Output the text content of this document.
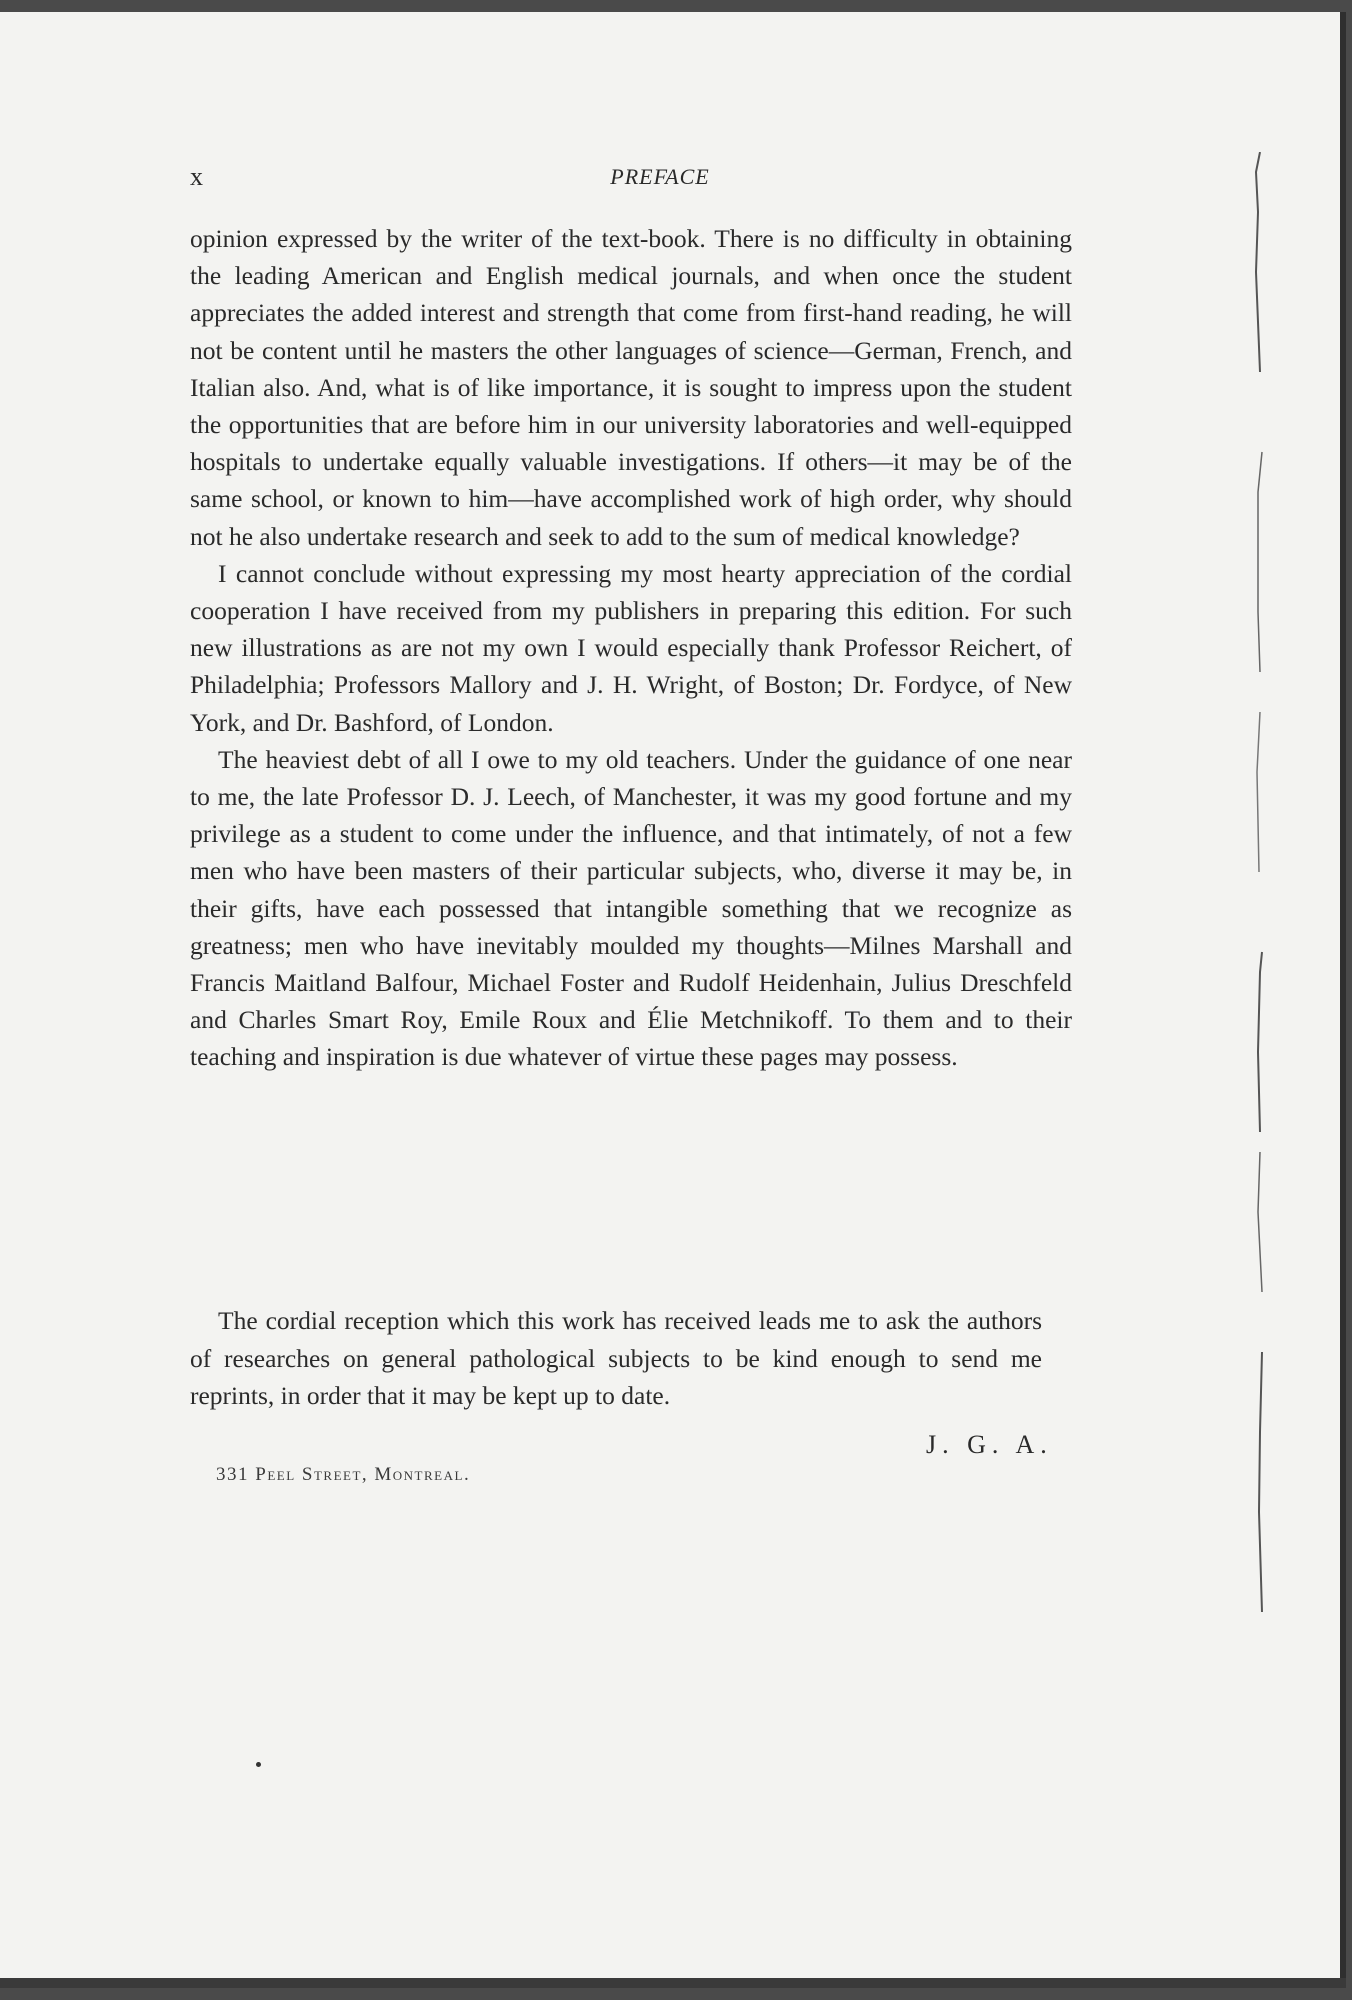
x	PREFACE

opinion expressed by the writer of the text-book. There is no difficulty in obtaining the leading American and English medical journals, and when once the student appreciates the added interest and strength that come from first-hand reading, he will not be content until he masters the other languages of science—German, French, and Italian also. And, what is of like importance, it is sought to impress upon the student the opportunities that are before him in our university laboratories and well-equipped hospitals to undertake equally valuable investigations. If others—it may be of the same school, or known to him—have accomplished work of high order, why should not he also undertake research and seek to add to the sum of medical knowledge?

I cannot conclude without expressing my most hearty appreciation of the cordial cooperation I have received from my publishers in preparing this edition. For such new illustrations as are not my own I would especially thank Professor Reichert, of Philadelphia; Professors Mallory and J. H. Wright, of Boston; Dr. Fordyce, of New York, and Dr. Bashford, of London.

The heaviest debt of all I owe to my old teachers. Under the guidance of one near to me, the late Professor D. J. Leech, of Manchester, it was my good fortune and my privilege as a student to come under the influence, and that intimately, of not a few men who have been masters of their particular subjects, who, diverse it may be, in their gifts, have each possessed that intangible something that we recognize as greatness; men who have inevitably moulded my thoughts—Milnes Marshall and Francis Maitland Balfour, Michael Foster and Rudolf Heidenhain, Julius Dreschfeld and Charles Smart Roy, Emile Roux and Élie Metchnikoff. To them and to their teaching and inspiration is due whatever of virtue these pages may possess.

The cordial reception which this work has received leads me to ask the authors of researches on general pathological subjects to be kind enough to send me reprints, in order that it may be kept up to date.

J. G. A.
331 Peel Street, Montreal.
